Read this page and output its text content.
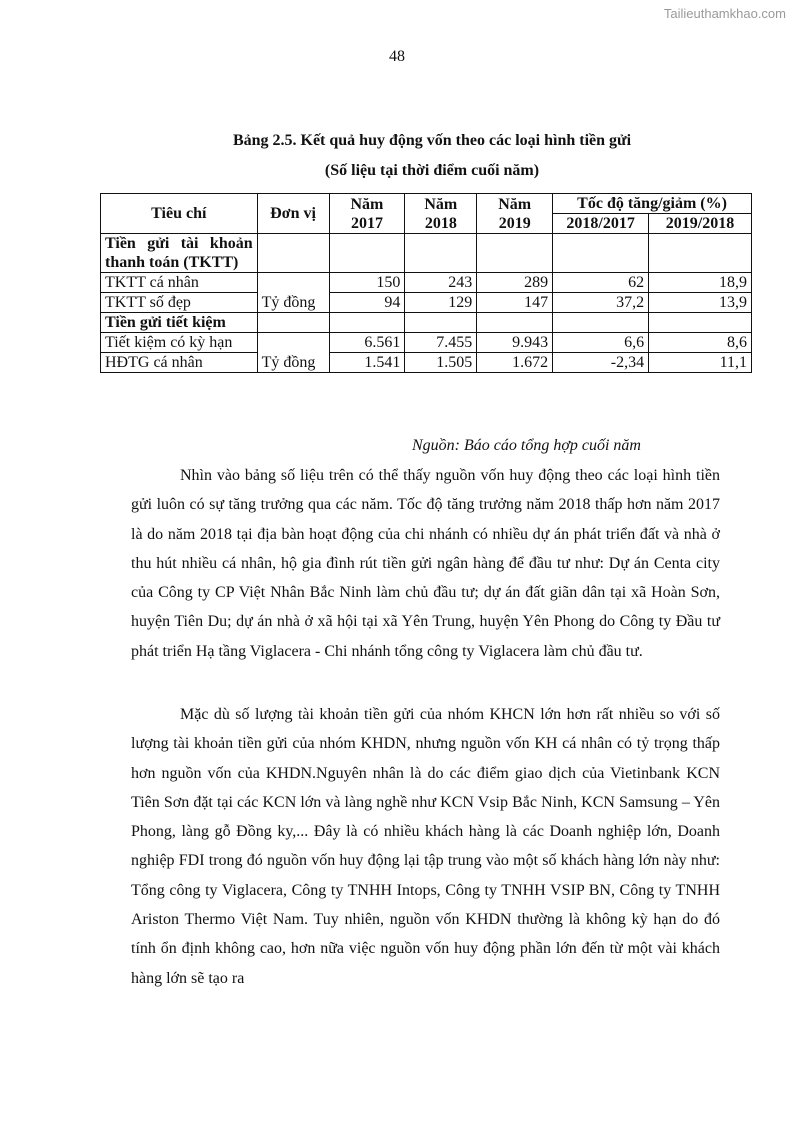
Tailieuthamkhao.com
48
Bảng 2.5. Kết quả huy động vốn theo các loại hình tiền gửi
(Số liệu tại thời điểm cuối năm)
Tiêu chí	Đơn vị	Năm 2017	Năm 2018	Năm 2019	Tốc độ tăng/giảm (%)	
					2018/2017	2019/2018
Tiền gửi tài khoản thanh toán (TKTT)						
TKTT cá nhân	Tỷ đồng	150	243	289	62	18,9
TKTT số đẹp		94	129	147	37,2	13,9
Tiền gửi tiết kiệm						
Tiết kiệm có kỳ hạn	Tỷ đồng	6.561	7.455	9.943	6,6	8,6
HĐTG cá nhân		1.541	1.505	1.672	-2,34	11,1
Nguồn: Báo cáo tổng hợp cuối năm

Nhìn vào bảng số liệu trên có thể thấy nguồn vốn huy động theo các loại hình tiền gửi luôn có sự tăng trưởng qua các năm. Tốc độ tăng trưởng năm 2018 thấp hơn năm 2017 là do năm 2018 tại địa bàn hoạt động của chi nhánh có nhiều dự án phát triển đất và nhà ở thu hút nhiều cá nhân, hộ gia đình rút tiền gửi ngân hàng để đầu tư như: Dự án Centa city của Công ty CP Việt Nhân Bắc Ninh làm chủ đầu tư; dự án đất giãn dân tại xã Hoàn Sơn, huyện Tiên Du; dự án nhà ở xã hội tại xã Yên Trung, huyện Yên Phong do Công ty Đầu tư phát triển Hạ tầng Viglacera - Chi nhánh tổng công ty Viglacera làm chủ đầu tư.

Mặc dù số lượng tài khoản tiền gửi của nhóm KHCN lớn hơn rất nhiều so với số lượng tài khoản tiền gửi của nhóm KHDN, nhưng nguồn vốn KH cá nhân có tỷ trọng thấp hơn nguồn vốn của KHDN.Nguyên nhân là do các điểm giao dịch của Vietinbank KCN Tiên Sơn đặt tại các KCN lớn và làng nghề như KCN Vsip Bắc Ninh, KCN Samsung – Yên Phong, làng gỗ Đồng ky,... Đây là có nhiều khách hàng là các Doanh nghiệp lớn, Doanh nghiệp FDI trong đó nguồn vốn huy động lại tập trung vào một số khách hàng lớn này như: Tổng công ty Viglacera, Công ty TNHH Intops, Công ty TNHH VSIP BN, Công ty TNHH Ariston Thermo Việt Nam. Tuy nhiên, nguồn vốn KHDN thường là không kỳ hạn do đó tính ổn định không cao, hơn nữa việc nguồn vốn huy động phần lớn đến từ một vài khách hàng lớn sẽ tạo ra
